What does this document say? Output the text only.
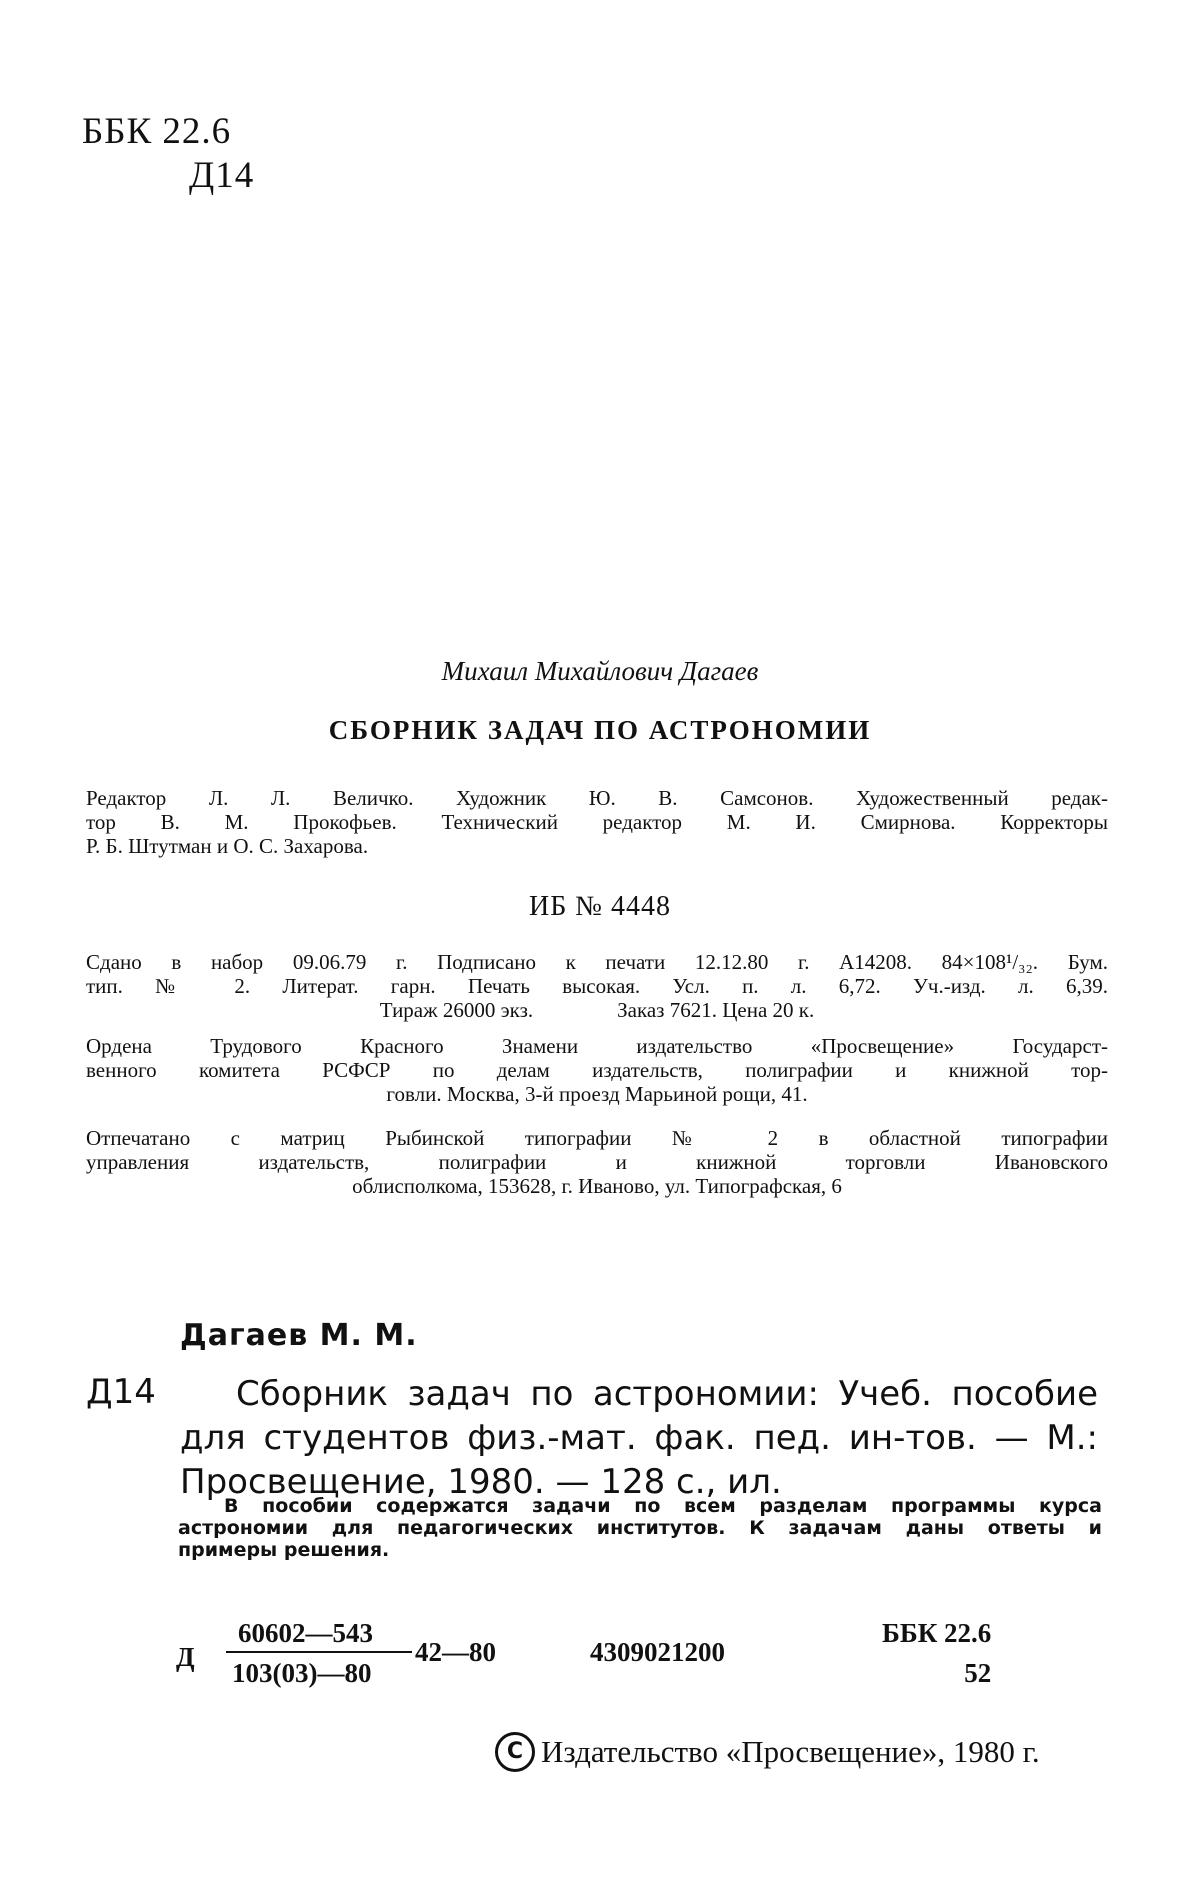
ББК 22.6
Д14
Михаил Михайлович Дагаев
СБОРНИК ЗАДАЧ ПО АСТРОНОМИИ
Редактор Л. Л. Величко. Художник Ю. В. Самсонов. Художественный редак-
тор В. М. Прокофьев. Технический редактор М. И. Смирнова. Корректоры
Р. Б. Штутман и О. С. Захарова.
ИБ № 4448
Сдано в набор 09.06.79 г. Подписано к печати 12.12.80 г. А14208. 84×108¹/₃₂. Бум.
тип. № 2. Литерат. гарн. Печать высокая. Усл. п. л. 6,72. Уч.-изд. л. 6,39.
Тираж 26000 экз.                Заказ 7621. Цена 20 к.
Ордена Трудового Красного Знамени издательство «Просвещение» Государст-
венного комитета РСФСР по делам издательств, полиграфии и книжной тор-
говли. Москва, 3-й проезд Марьиной рощи, 41.
Отпечатано с матриц Рыбинской типографии № 2 в областной типографии
управления издательств, полиграфии и книжной торговли Ивановского
облисполкома, 153628, г. Иваново, ул. Типографская, 6
Дагаев М. М.
Д14	Сборник задач по астрономии: Учеб. пособие
для студентов физ.-мат. фак. пед. ин-тов. — М.:
Просвещение, 1980. — 128 с., ил.
В пособии содержатся задачи по всем разделам программы курса
астрономии для педагогических институтов. К задачам даны ответы и
примеры решения.
Д
60602—543
103(03)—80
42—80	4309021200
ББК 22.6
52
C Издательство «Просвещение», 1980 г.
